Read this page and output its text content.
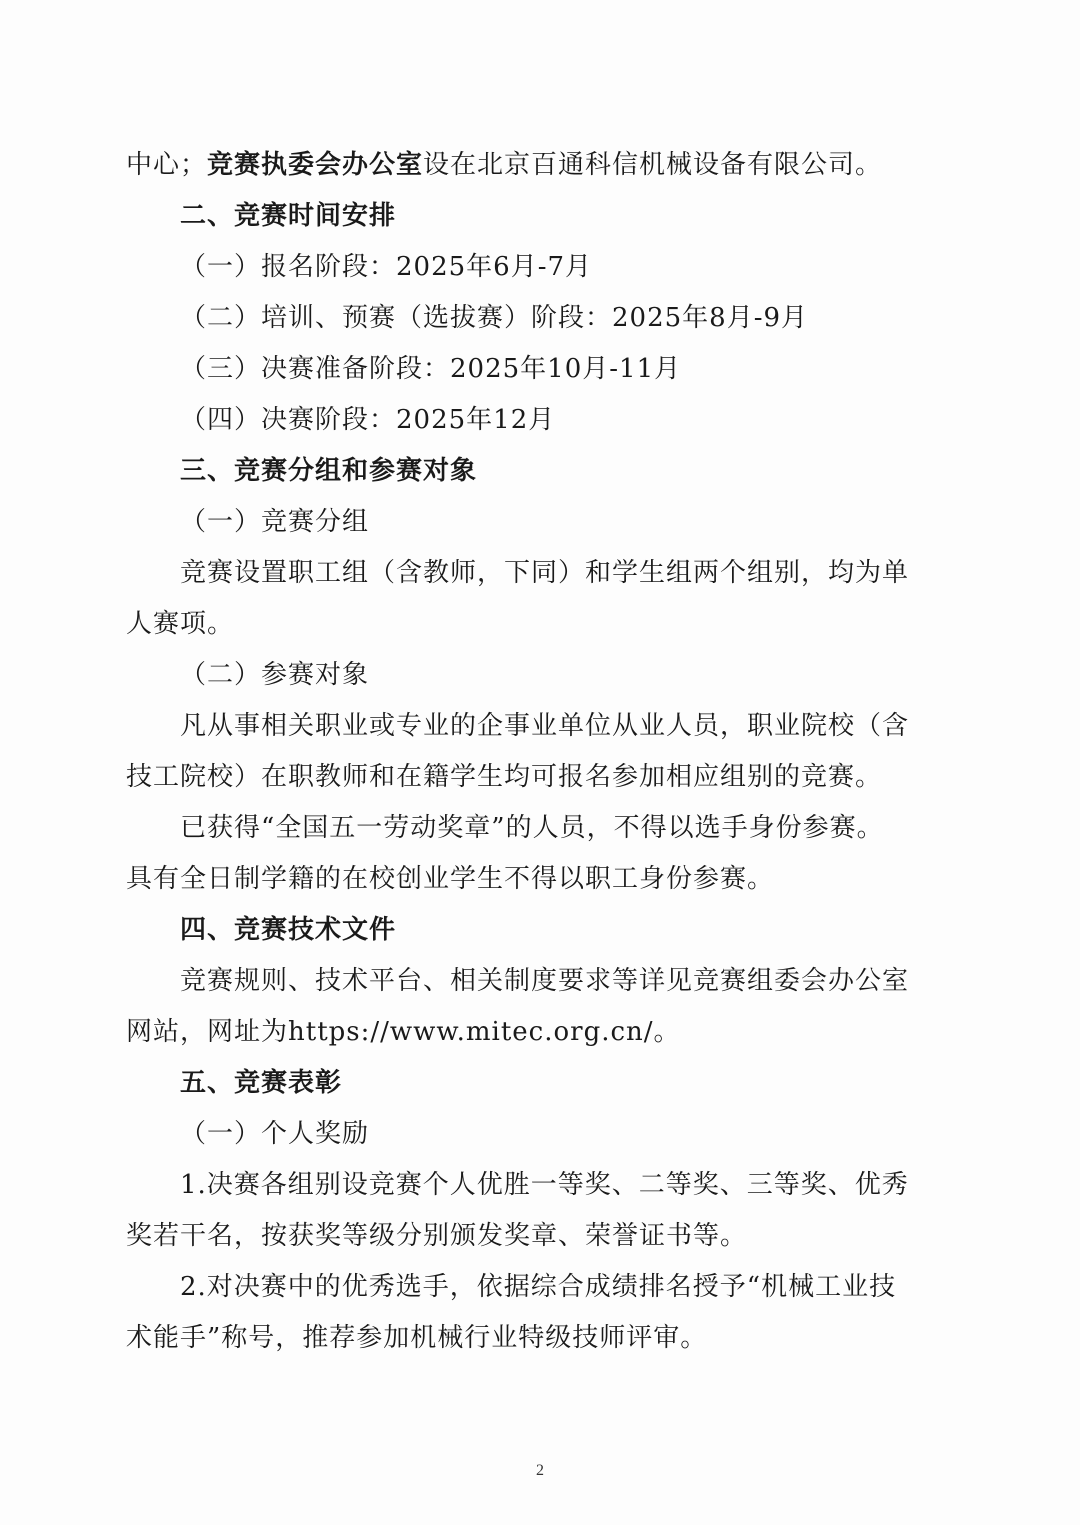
中心；竞赛执委会办公室设在北京百通科信机械设备有限公司。

二、竞赛时间安排

（一）报名阶段：2025年6月-7月

（二）培训、预赛（选拔赛）阶段：2025年8月-9月

（三）决赛准备阶段：2025年10月-11月

（四）决赛阶段：2025年12月

三、竞赛分组和参赛对象

（一）竞赛分组

竞赛设置职工组（含教师，下同）和学生组两个组别，均为单

人赛项。

（二）参赛对象

凡从事相关职业或专业的企事业单位从业人员，职业院校（含

技工院校）在职教师和在籍学生均可报名参加相应组别的竞赛。

已获得“全国五一劳动奖章”的人员，不得以选手身份参赛。

具有全日制学籍的在校创业学生不得以职工身份参赛。

四、竞赛技术文件

竞赛规则、技术平台、相关制度要求等详见竞赛组委会办公室

网站，网址为https://www.mitec.org.cn/。

五、竞赛表彰

（一）个人奖励

1.决赛各组别设竞赛个人优胜一等奖、二等奖、三等奖、优秀

奖若干名，按获奖等级分别颁发奖章、荣誉证书等。

2.对决赛中的优秀选手，依据综合成绩排名授予“机械工业技

术能手”称号，推荐参加机械行业特级技师评审。

2
